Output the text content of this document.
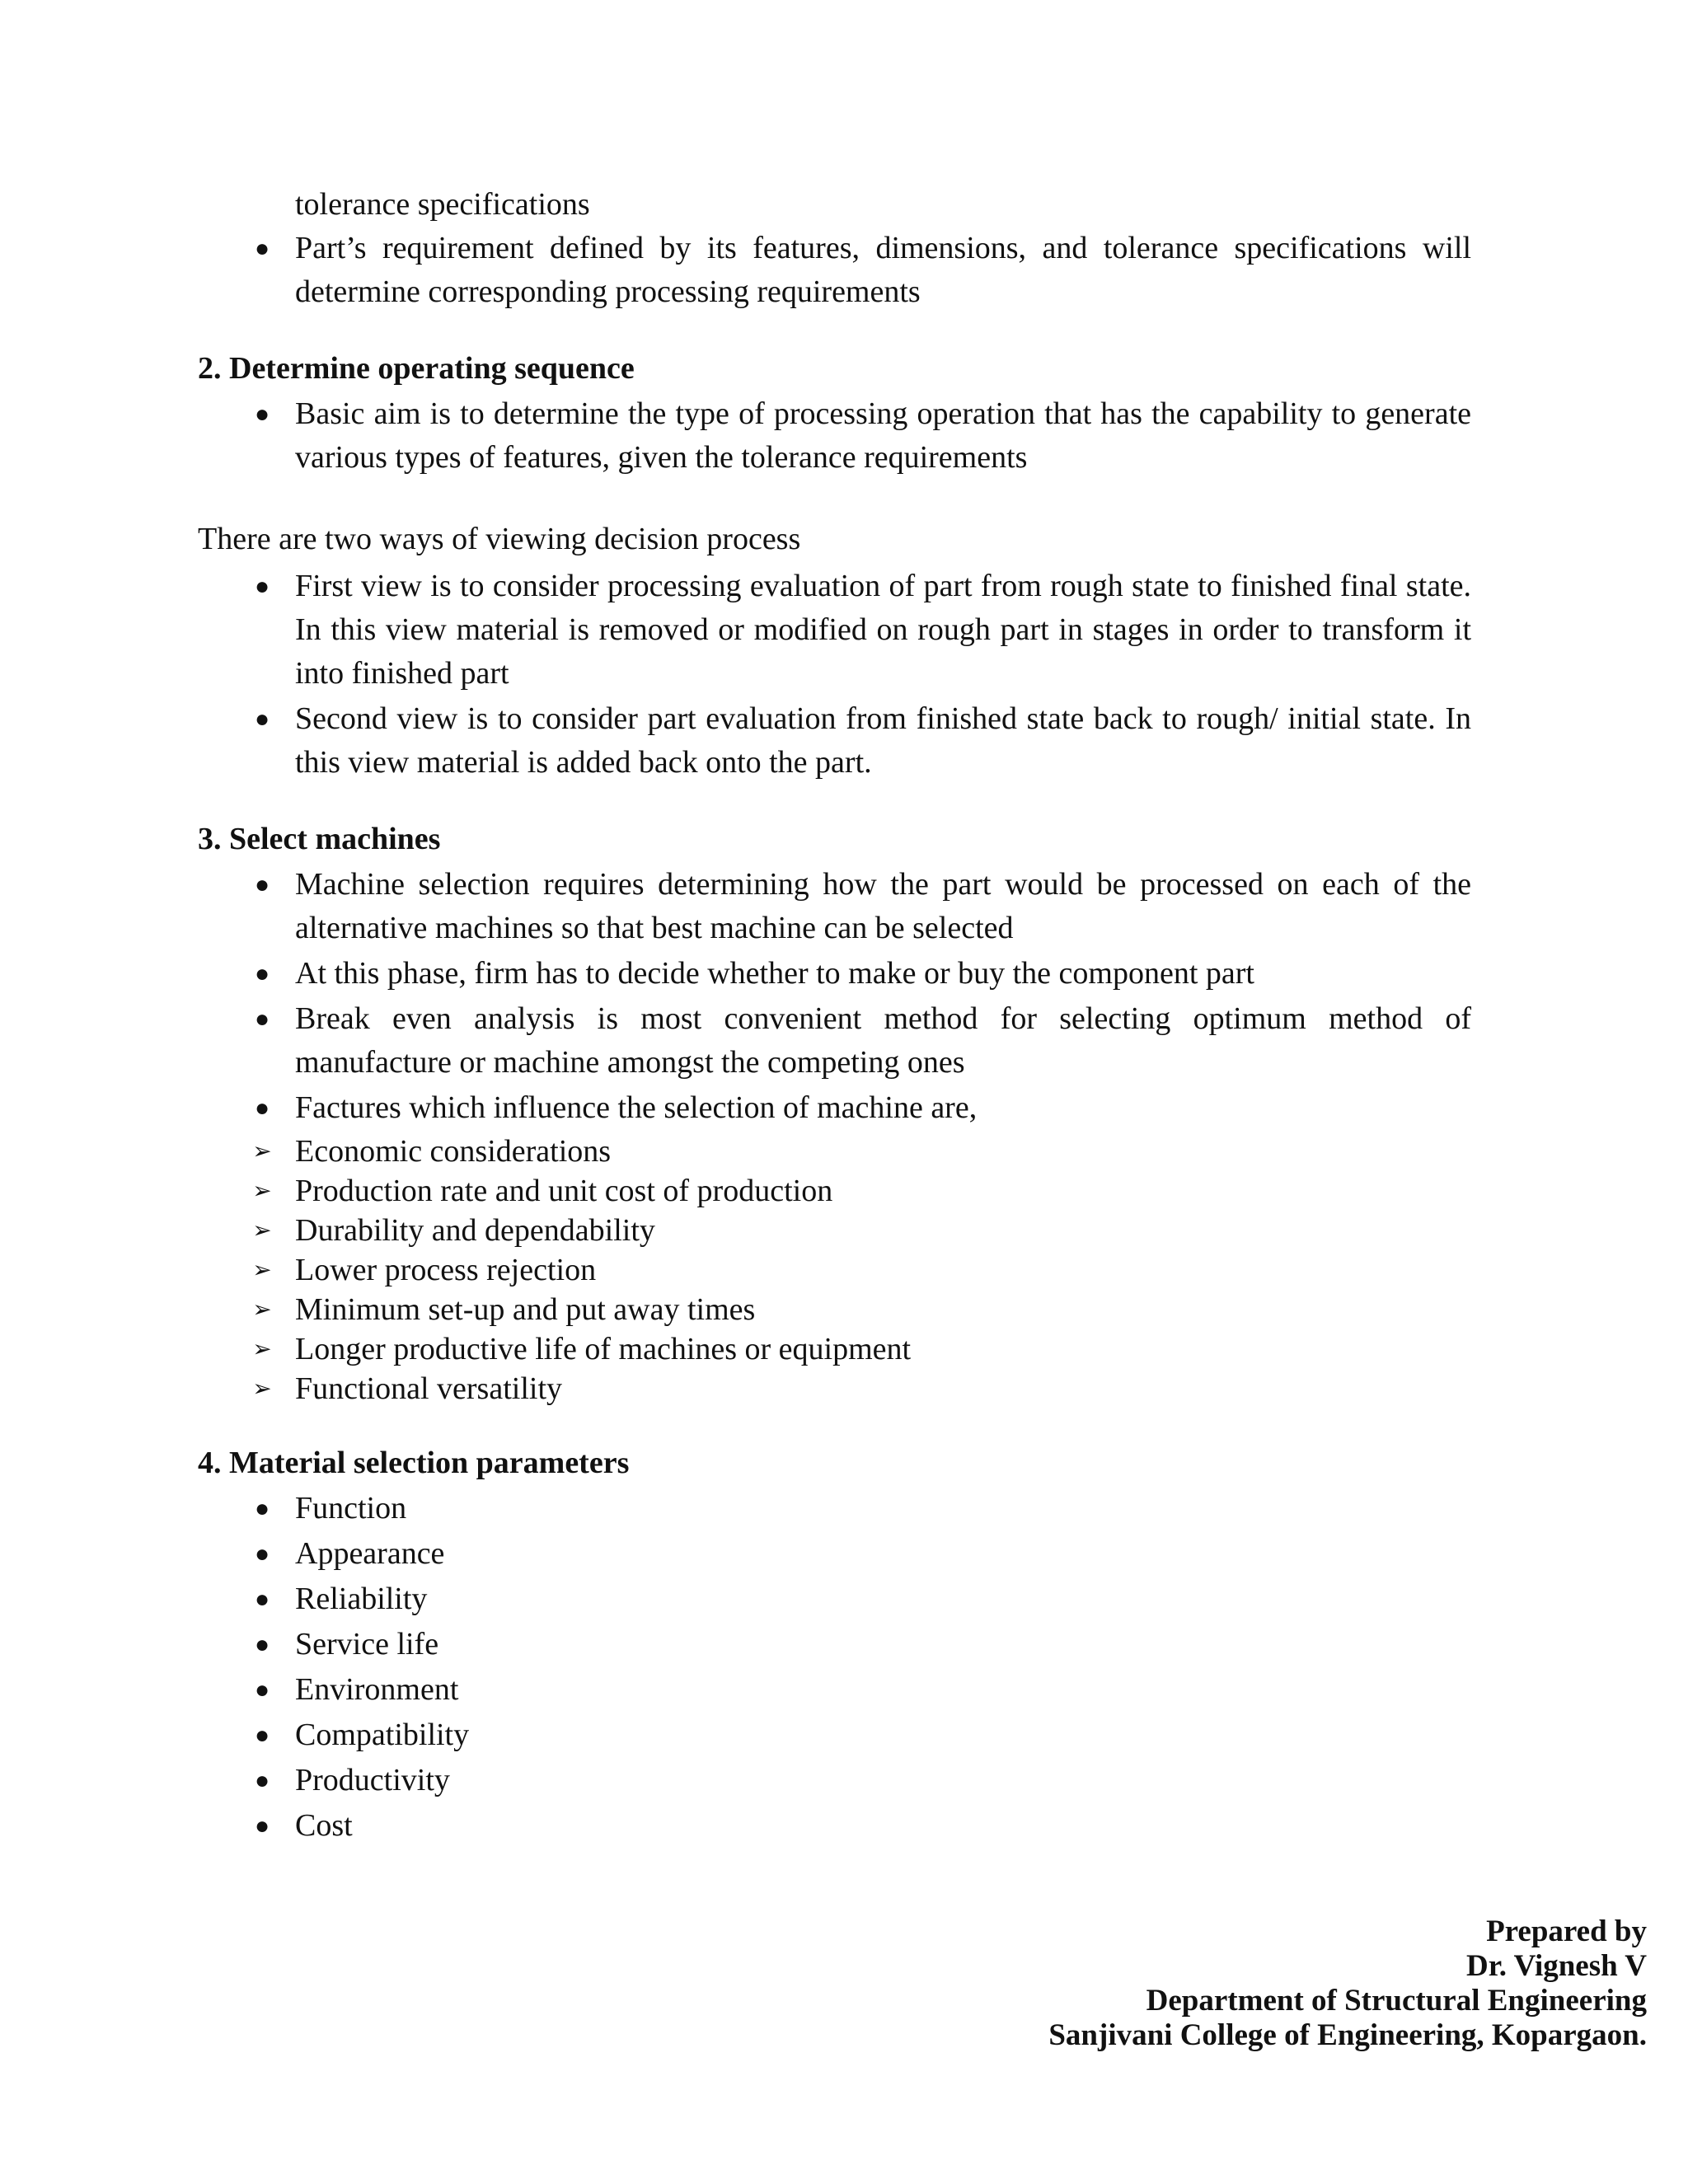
tolerance specifications
● Part’s requirement defined by its features, dimensions, and tolerance specifications will determine corresponding processing requirements
2. Determine operating sequence
● Basic aim is to determine the type of processing operation that has the capability to generate various types of features, given the tolerance requirements
There are two ways of viewing decision process
● First view is to consider processing evaluation of part from rough state to finished final state. In this view material is removed or modified on rough part in stages in order to transform it into finished part
● Second view is to consider part evaluation from finished state back to rough/ initial state. In this view material is added back onto the part.
3. Select machines
● Machine selection requires determining how the part would be processed on each of the alternative machines so that best machine can be selected
● At this phase, firm has to decide whether to make or buy the component part
● Break even analysis is most convenient method for selecting optimum method of manufacture or machine amongst the competing ones
● Factures which influence the selection of machine are,
➢ Economic considerations
➢ Production rate and unit cost of production
➢ Durability and dependability
➢ Lower process rejection
➢ Minimum set-up and put away times
➢ Longer productive life of machines or equipment
➢ Functional versatility
4. Material selection parameters
● Function
● Appearance
● Reliability
● Service life
● Environment
● Compatibility
● Productivity
● Cost
Prepared by
Dr. Vignesh V
Department of Structural Engineering
Sanjivani College of Engineering, Kopargaon.
